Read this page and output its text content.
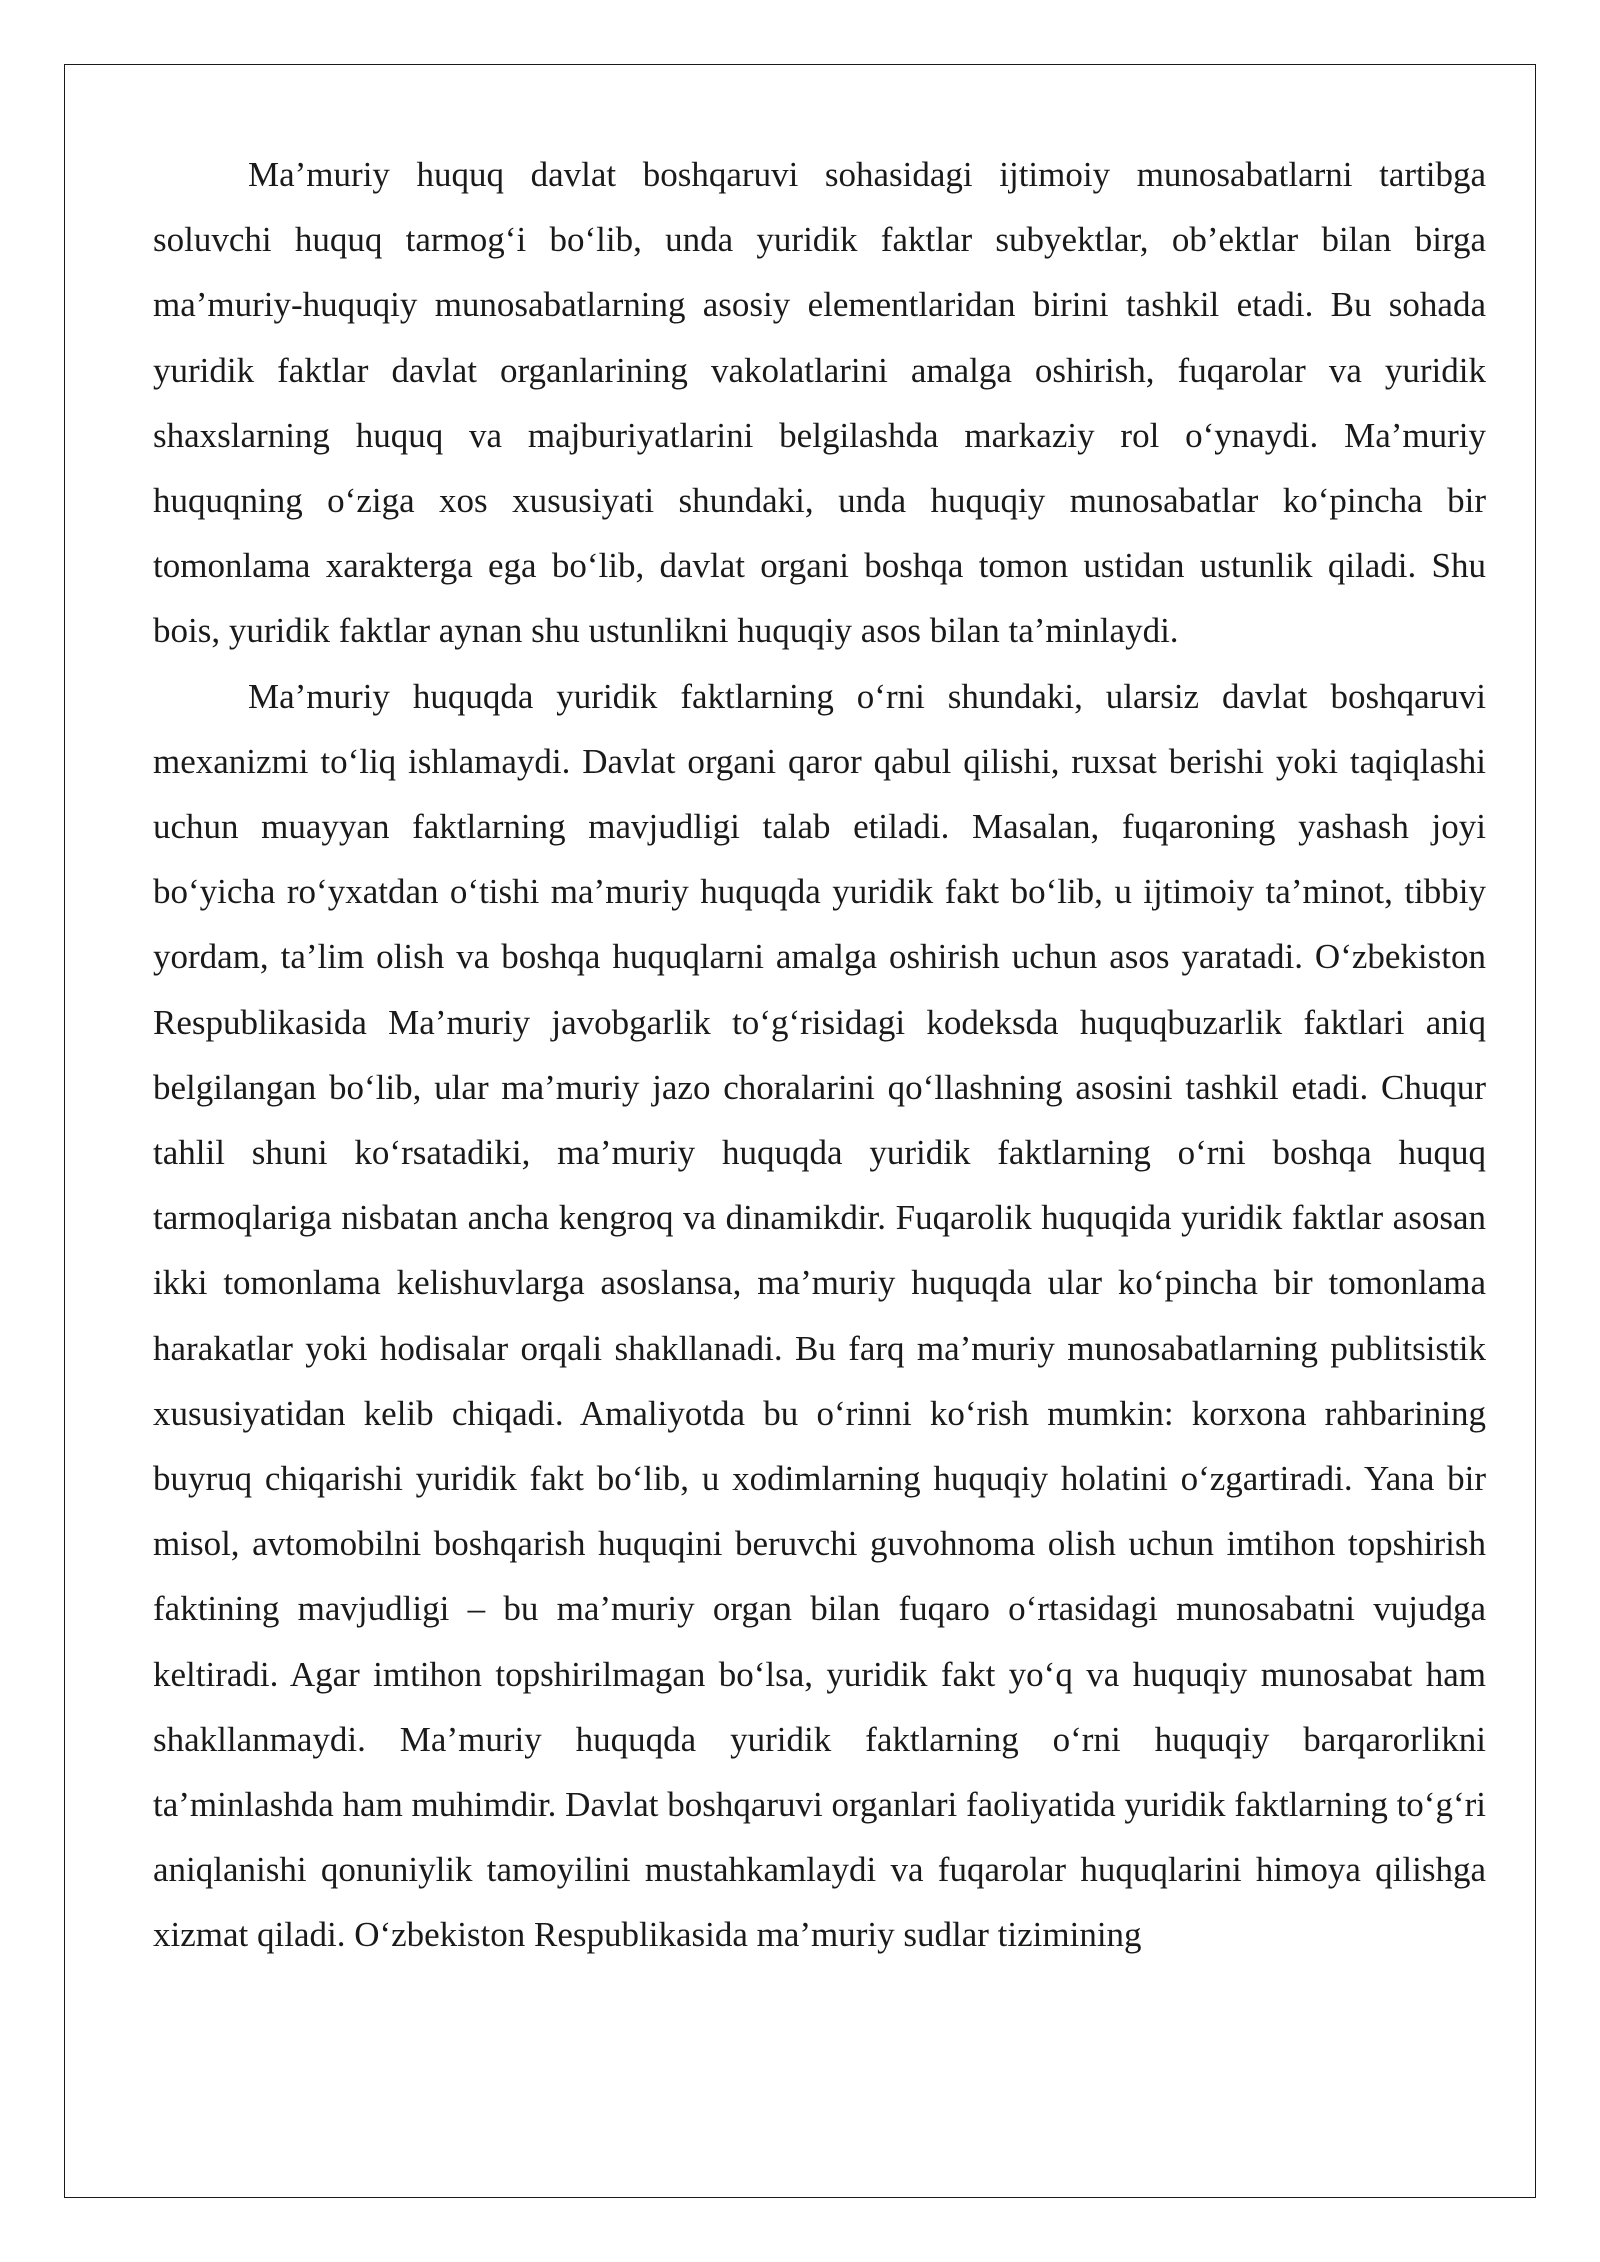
Ma’muriy huquq davlat boshqaruvi sohasidagi ijtimoiy munosabatlarni tartibga soluvchi huquq tarmog‘i bo‘lib, unda yuridik faktlar subyektlar, ob’ektlar bilan birga ma’muriy-huquqiy munosabatlarning asosiy elementlaridan birini tashkil etadi. Bu sohada yuridik faktlar davlat organlarining vakolatlarini amalga oshirish, fuqarolar va yuridik shaxslarning huquq va majburiyatlarini belgilashda markaziy rol o‘ynaydi. Ma’muriy huquqning o‘ziga xos xususiyati shundaki, unda huquqiy munosabatlar ko‘pincha bir tomonlama xarakterga ega bo‘lib, davlat organi boshqa tomon ustidan ustunlik qiladi. Shu bois, yuridik faktlar aynan shu ustunlikni huquqiy asos bilan ta’minlaydi.

Ma’muriy huquqda yuridik faktlarning o‘rni shundaki, ularsiz davlat boshqaruvi mexanizmi to‘liq ishlamaydi. Davlat organi qaror qabul qilishi, ruxsat berishi yoki taqiqlashi uchun muayyan faktlarning mavjudligi talab etiladi. Masalan, fuqaroning yashash joyi bo‘yicha ro‘yxatdan o‘tishi ma’muriy huquqda yuridik fakt bo‘lib, u ijtimoiy ta’minot, tibbiy yordam, ta’lim olish va boshqa huquqlarni amalga oshirish uchun asos yaratadi. O‘zbekiston Respublikasida Ma’muriy javobgarlik to‘g‘risidagi kodeksda huquqbuzarlik faktlari aniq belgilangan bo‘lib, ular ma’muriy jazo choralarini qo‘llashning asosini tashkil etadi. Chuqur tahlil shuni ko‘rsatadiki, ma’muriy huquqda yuridik faktlarning o‘rni boshqa huquq tarmoqlariga nisbatan ancha kengroq va dinamikdir. Fuqarolik huquqida yuridik faktlar asosan ikki tomonlama kelishuvlarga asoslansa, ma’muriy huquqda ular ko‘pincha bir tomonlama harakatlar yoki hodisalar orqali shakllanadi. Bu farq ma’muriy munosabatlarning publitsistik xususiyatidan kelib chiqadi. Amaliyotda bu o‘rinni ko‘rish mumkin: korxona rahbarining buyruq chiqarishi yuridik fakt bo‘lib, u xodimlarning huquqiy holatini o‘zgartiradi. Yana bir misol, avtomobilni boshqarish huquqini beruvchi guvohnoma olish uchun imtihon topshirish faktining mavjudligi – bu ma’muriy organ bilan fuqaro o‘rtasidagi munosabatni vujudga keltiradi. Agar imtihon topshirilmagan bo‘lsa, yuridik fakt yo‘q va huquqiy munosabat ham shakllanmaydi. Ma’muriy huquqda yuridik faktlarning o‘rni huquqiy barqarorlikni ta’minlashda ham muhimdir. Davlat boshqaruvi organlari faoliyatida yuridik faktlarning to‘g‘ri aniqlanishi qonuniylik tamoyilini mustahkamlaydi va fuqarolar huquqlarini himoya qilishga xizmat qiladi. O‘zbekiston Respublikasida ma’muriy sudlar tizimining
